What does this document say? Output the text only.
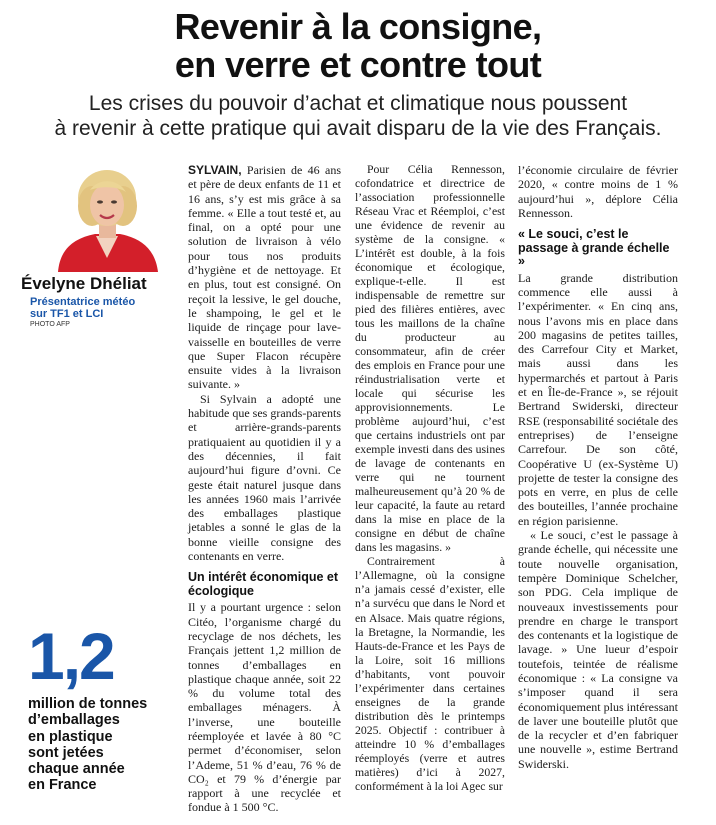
Revenir à la consigne,
en verre et contre tout
Les crises du pouvoir d’achat et climatique nous poussent
à revenir à cette pratique qui avait disparu de la vie des Français.
Évelyne Dhéliat
Présentatrice météo
sur TF1 et LCI
PHOTO AFP
1,2
million de tonnes
d’emballages
en plastique
sont jetées
chaque année
en France

SYLVAIN, Parisien de 46 ans et père de deux enfants de 11 et 16 ans, s’y est mis grâce à sa femme. « Elle a tout testé et, au final, on a opté pour une solution de livraison à vélo pour tous nos produits d’hygiène et de nettoyage. Et en plus, tout est consigné. On reçoit la lessive, le gel douche, le shampoing, le gel et le liquide de rinçage pour lave-vaisselle en bouteilles de verre que Super Flacon récupère ensuite vides à la livraison suivante. »

Si Sylvain a adopté une habitude que ses grands-parents et arrière-grands-parents pratiquaient au quotidien il y a des décennies, il fait aujourd’hui figure d’ovni. Ce geste était naturel jusque dans les années 1960 mais l’arrivée des emballages plastique jetables a sonné le glas de la bonne vieille consigne des contenants en verre.

Un intérêt économique et écologique

Il y a pourtant urgence : selon Citéo, l’organisme chargé du recyclage de nos déchets, les Français jettent 1,2 million de tonnes d’emballages en plastique chaque année, soit 22 % du volume total des emballages ménagers. À l’inverse, une bouteille réemployée et lavée à 80 °C permet d’économiser, selon l’Ademe, 51 % d’eau, 76 % de CO₂ et 79 % d’énergie par rapport à une recyclée et fondue à 1 500 °C.

Pour Célia Rennesson, cofondatrice et directrice de l’association professionnelle Réseau Vrac et Réemploi, c’est une évidence de revenir au système de la consigne. « L’intérêt est double, à la fois économique et écologique, explique-t-elle. Il est indispensable de remettre sur pied des filières entières, avec tous les maillons de la chaîne du producteur au consommateur, afin de créer des emplois en France pour une réindustrialisation verte et locale qui sécurise les approvisionnements. Le problème aujourd’hui, c’est que certains industriels ont par exemple investi dans des usines de lavage de contenants en verre qui ne tournent malheureusement qu’à 20 % de leur capacité, la faute au retard dans la mise en place de la consigne en début de chaîne dans les magasins. »

Contrairement à l’Allemagne, où la consigne n’a jamais cessé d’exister, elle n’a survécu que dans le Nord et en Alsace. Mais quatre régions, la Bretagne, la Normandie, les Hauts-de-France et les Pays de la Loire, soit 16 millions d’habitants, vont pouvoir l’expérimenter dans certaines enseignes de la grande distribution dès le printemps 2025. Objectif : contribuer à atteindre 10 % d’emballages réemployés (verre et autres matières) d’ici à 2027, conformément à la loi Agec sur

l’économie circulaire de février 2020, « contre moins de 1 % aujourd’hui », déplore Célia Rennesson.

« Le souci, c’est le passage à grande échelle »

La grande distribution commence elle aussi à l’expérimenter. « En cinq ans, nous l’avons mis en place dans 200 magasins de petites tailles, des Carrefour City et Market, mais aussi dans les hypermarchés et partout à Paris et en Île-de-France », se réjouit Bertrand Swiderski, directeur RSE (responsabilité sociétale des entreprises) de l’enseigne Carrefour. De son côté, Coopérative U (ex-Système U) projette de tester la consigne des pots en verre, en plus de celle des bouteilles, l’année prochaine en région parisienne.

« Le souci, c’est le passage à grande échelle, qui nécessite une toute nouvelle organisation, tempère Dominique Schelcher, son PDG. Cela implique de nouveaux investissements pour prendre en charge le transport des contenants et la logistique de lavage. » Une lueur d’espoir toutefois, teintée de réalisme économique : « La consigne va s’imposer quand il sera économiquement plus intéressant de laver une bouteille plutôt que de la recycler et d’en fabriquer une nouvelle », estime Bertrand Swiderski.
